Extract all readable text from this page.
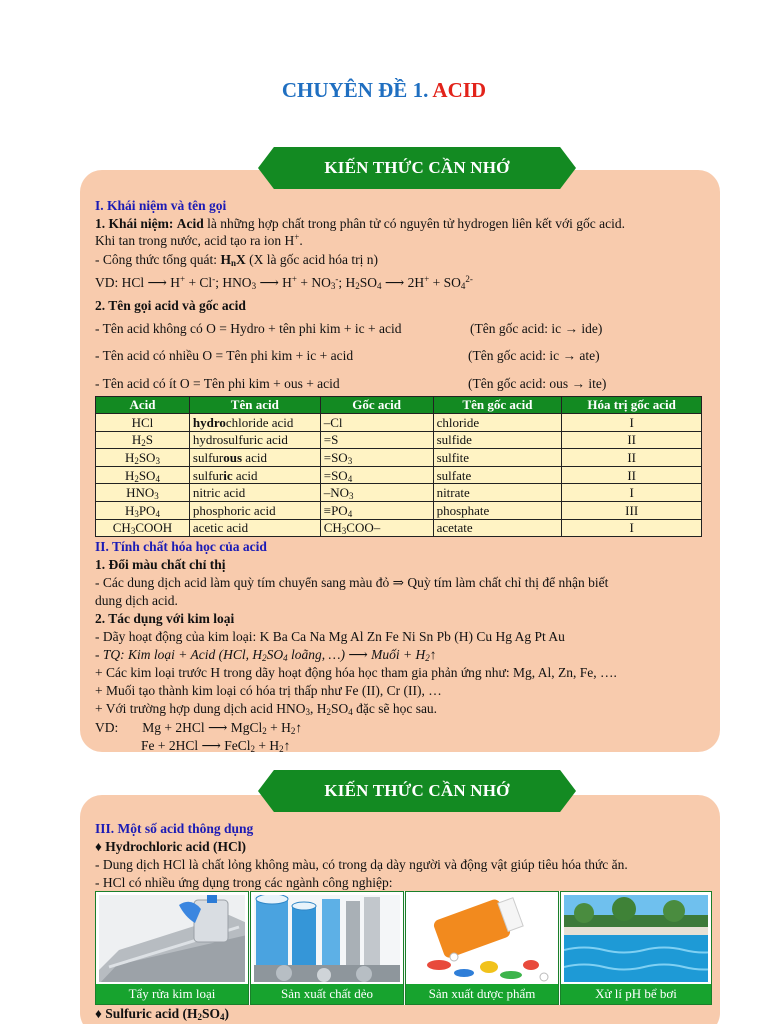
CHUYÊN ĐỀ 1. ACID
KIẾN THỨC CẦN NHỚ
I. Khái niệm và tên gọi
1. Khái niệm: Acid là những hợp chất trong phân tử có nguyên tử hydrogen liên kết với gốc acid.
Khi tan trong nước, acid tạo ra ion H+.
- Công thức tổng quát: $H_nX$ (X là gốc acid hóa trị n)
VD: HCl ⟶ H+ + Cl-; $HNO_3$ ⟶ $H^+ + NO_3^-$; $H_2SO_4$ ⟶ $2H^+ + SO_4^{2-}$
2. Tên gọi acid và gốc acid
- Tên acid không có O = Hydro + tên phi kim + ic + acid	(Tên gốc acid: ic → ide)
- Tên acid có nhiều O = Tên phi kim + ic + acid	(Tên gốc acid: ic → ate)
- Tên acid có ít O = Tên phi kim + ous + acid	(Tên gốc acid: ous → ite)
Acid	Tên acid	Gốc acid	Tên gốc acid	Hóa trị gốc acid
HCl	hydrochloride acid	–Cl	chloride	I
$H_2S$	hydrosulfuric acid	=S	sulfide	II
$H_2SO_3$	sulfurous acid	$=SO_3$	sulfite	II
$H_2SO_4$	sulfuric acid	$=SO_4$	sulfate	II
$HNO_3$	nitric acid	$-NO_3$	nitrate	I
$H_3PO_4$	phosphoric acid	$\equiv PO_4$	phosphate	III
$CH_3COOH$	acetic acid	$CH_3COO-$	acetate	I
II. Tính chất hóa học của acid
1. Đổi màu chất chỉ thị
- Các dung dịch acid làm quỳ tím chuyển sang màu đỏ ⇒ Quỳ tím làm chất chỉ thị để nhận biết
dung dịch acid.
2. Tác dụng với kim loại
- Dãy hoạt động của kim loại: K Ba Ca Na Mg Al Zn Fe Ni Sn Pb (H) Cu Hg Ag Pt Au
- TQ: Kim loại + Acid (HCl, $H_2SO_4$ loãng, …) ⟶ Muối + $H_2↑$
+ Các kim loại trước H trong dãy hoạt động hóa học tham gia phản ứng như: Mg, Al, Zn, Fe, ….
+ Muối tạo thành kim loại có hóa trị thấp như Fe (II), Cr (II), …
+ Với trường hợp dung dịch acid $HNO_3$, $H_2SO_4$ đặc sẽ học sau.
VD: Mg + 2HCl ⟶ MgCl$_2$ + $H_2↑$
Fe + 2HCl ⟶ FeCl$_2$ + $H_2↑$
KIẾN THỨC CẦN NHỚ
III. Một số acid thông dụng
♦ Hydrochloric acid (HCl)
- Dung dịch HCl là chất lỏng không màu, có trong dạ dày người và động vật giúp tiêu hóa thức ăn.
- HCl có nhiều ứng dụng trong các ngành công nghiệp:
Tẩy rửa kim loại	Sản xuất chất dẻo	Sản xuất dược phẩm	Xử lí pH bể bơi
♦ Sulfuric acid $(H_2SO_4)$
